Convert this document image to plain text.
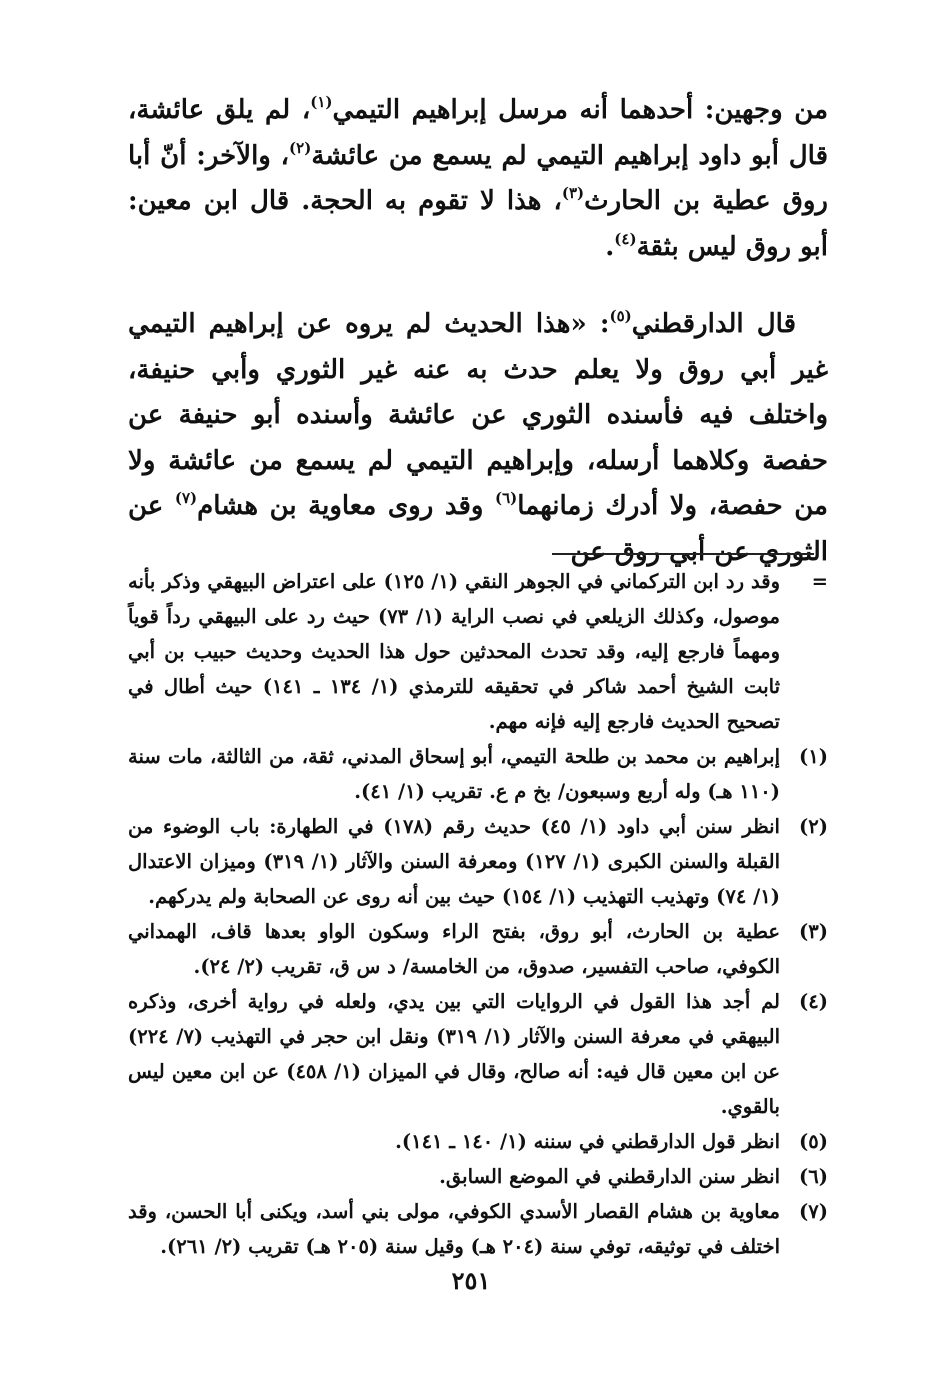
من وجهين: أحدهما أنه مرسل إبراهيم التيمي$^{(١)}$، لم يلق عائشة، قال أبو داود إبراهيم التيمي لم يسمع من عائشة$^{(٢)}$، والآخر: أنّ أبا روق عطية بن الحارث$^{(٣)}$، هذا لا تقوم به الحجة. قال ابن معين: أبو روق ليس بثقة$^{(٤)}$.

قال الدارقطني$^{(٥)}$: «هذا الحديث لم يروه عن إبراهيم التيمي غير أبي روق ولا يعلم حدث به عنه غير الثوري وأبي حنيفة، واختلف فيه فأسنده الثوري عن عائشة وأسنده أبو حنيفة عن حفصة وكلاهما أرسله، وإبراهيم التيمي لم يسمع من عائشة ولا من حفصة، ولا أدرك زمانهما$^{(٦)}$ وقد روى معاوية بن هشام$^{(٧)}$ عن الثوري عن أبي روق عن

=
وقد رد ابن التركماني في الجوهر النقي (١/ ١٢٥) على اعتراض البيهقي وذكر بأنه موصول، وكذلك الزيلعي في نصب الراية (١/ ٧٣) حيث رد على البيهقي رداً قوياً ومهماً فارجع إليه، وقد تحدث المحدثين حول هذا الحديث وحديث حبيب بن أبي ثابت الشيخ أحمد شاكر في تحقيقه للترمذي (١/ ١٣٤ ـ ١٤١) حيث أطال في تصحيح الحديث فارجع إليه فإنه مهم.
(١)
إبراهيم بن محمد بن طلحة التيمي، أبو إسحاق المدني، ثقة، من الثالثة، مات سنة (١١٠ هـ) وله أربع وسبعون/ بخ م ع. تقريب (١/ ٤١).
(٢)
انظر سنن أبي داود (١/ ٤٥) حديث رقم (١٧٨) في الطهارة: باب الوضوء من القبلة والسنن الكبرى (١/ ١٢٧) ومعرفة السنن والآثار (١/ ٣١٩) وميزان الاعتدال (١/ ٧٤) وتهذيب التهذيب (١/ ١٥٤) حيث بين أنه روى عن الصحابة ولم يدركهم.
(٣)
عطية بن الحارث، أبو روق، بفتح الراء وسكون الواو بعدها قاف، الهمداني الكوفي، صاحب التفسير، صدوق، من الخامسة/ د س ق، تقريب (٢/ ٢٤).
(٤)
لم أجد هذا القول في الروايات التي بين يدي، ولعله في رواية أخرى، وذكره البيهقي في معرفة السنن والآثار (١/ ٣١٩) ونقل ابن حجر في التهذيب (٧/ ٢٢٤) عن ابن معين قال فيه: أنه صالح، وقال في الميزان (١/ ٤٥٨) عن ابن معين ليس بالقوي.
(٥)
انظر قول الدارقطني في سننه (١/ ١٤٠ ـ ١٤١).
(٦)
انظر سنن الدارقطني في الموضع السابق.
(٧)
معاوية بن هشام القصار الأسدي الكوفي، مولى بني أسد، ويكنى أبا الحسن، وقد اختلف في توثيقه، توفي سنة (٢٠٤ هـ) وقيل سنة (٢٠٥ هـ) تقريب (٢/ ٢٦١).
٢٥١
